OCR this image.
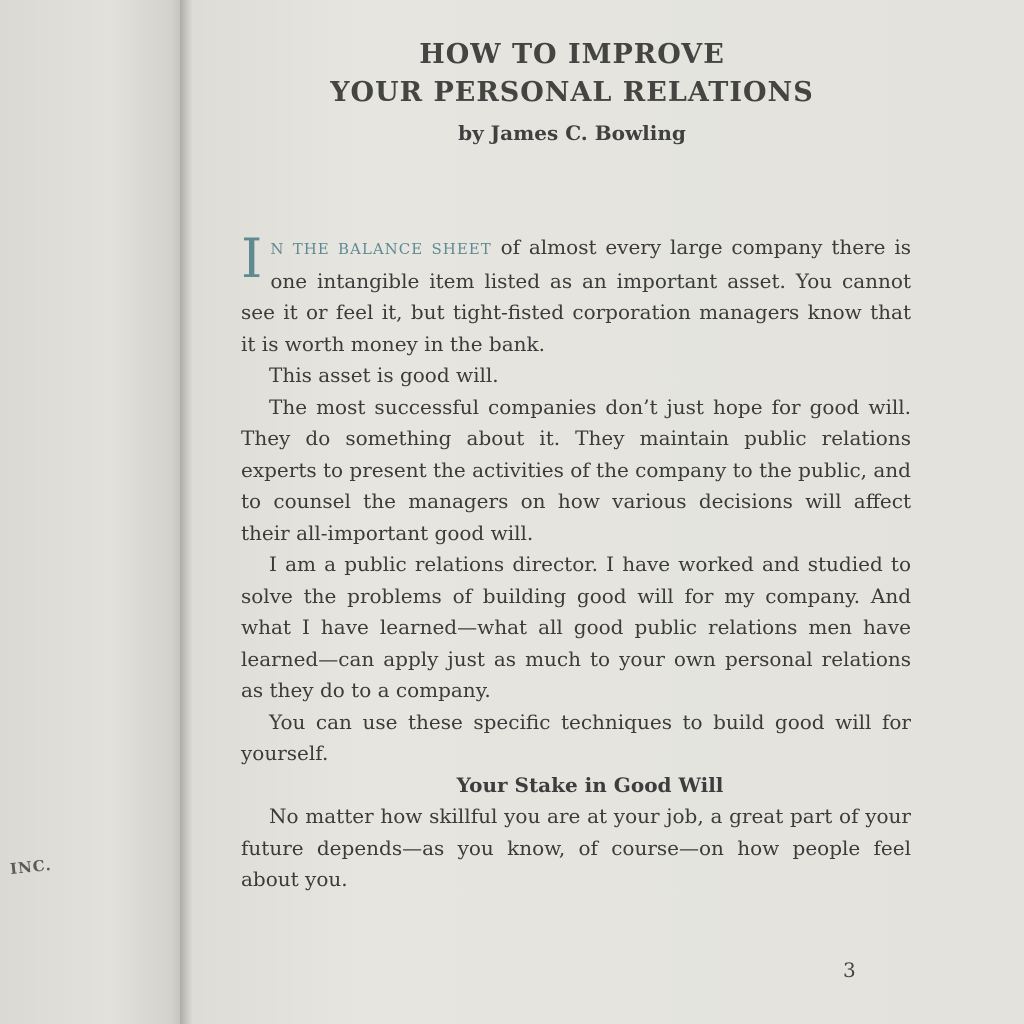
INC.
HOW TO IMPROVE
YOUR PERSONAL RELATIONS
by James C. Bowling

IN THE BALANCE SHEET of almost every large company there is one intangible item listed as an important asset. You cannot see it or feel it, but tight-fisted corporation managers know that it is worth money in the bank.

This asset is good will.

The most successful companies don’t just hope for good will. They do something about it. They maintain public relations experts to present the activities of the company to the public, and to counsel the managers on how various decisions will affect their all-important good will.

I am a public relations director. I have worked and studied to solve the problems of building good will for my company. And what I have learned—what all good public relations men have learned—can apply just as much to your own personal relations as they do to a company.

You can use these specific techniques to build good will for yourself.

Your Stake in Good Will

No matter how skillful you are at your job, a great part of your future depends—as you know, of course—on how people feel about you.

3
